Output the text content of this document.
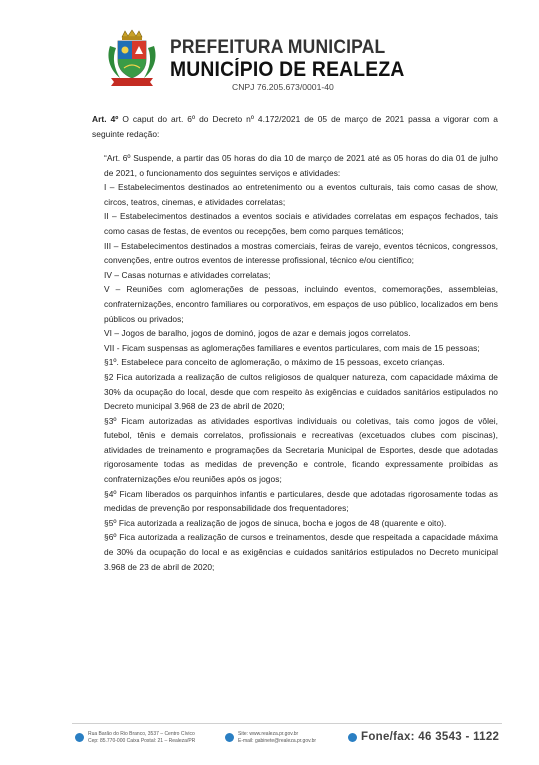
PREFEITURA MUNICIPAL
MUNICÍPIO DE REALEZA
CNPJ 76.205.673/0001-40
Art. 4º O caput do art. 6º do Decreto nº 4.172/2021 de 05 de março de 2021 passa a vigorar com a seguinte redação:

“Art. 6º Suspende, a partir das 05 horas do dia 10 de março de 2021 até as 05 horas do dia 01 de julho de 2021, o funcionamento dos seguintes serviços e atividades:

I – Estabelecimentos destinados ao entretenimento ou a eventos culturais, tais como casas de show, circos, teatros, cinemas, e atividades correlatas;

II – Estabelecimentos destinados a eventos sociais e atividades correlatas em espaços fechados, tais como casas de festas, de eventos ou recepções, bem como parques temáticos;

III – Estabelecimentos destinados a mostras comerciais, feiras de varejo, eventos técnicos, congressos, convenções, entre outros eventos de interesse profissional, técnico e/ou científico;

IV – Casas noturnas e atividades correlatas;

V – Reuniões com aglomerações de pessoas, incluindo eventos, comemorações, assembleias, confraternizações, encontro familiares ou corporativos, em espaços de uso público, localizados em bens públicos ou privados;

VI – Jogos de baralho, jogos de dominó, jogos de azar e demais jogos correlatos.

VII - Ficam suspensas as aglomerações familiares e eventos particulares, com mais de 15 pessoas;

§1º. Estabelece para conceito de aglomeração, o máximo de 15 pessoas, exceto crianças.

§2 Fica autorizada a realização de cultos religiosos de qualquer natureza, com capacidade máxima de 30% da ocupação do local, desde que com respeito às exigências e cuidados sanitários estipulados no Decreto municipal 3.968 de 23 de abril de 2020;

§3º Ficam autorizadas as atividades esportivas individuais ou coletivas, tais como jogos de vôlei, futebol, tênis e demais correlatos, profissionais e recreativas (excetuados clubes com piscinas), atividades de treinamento e programações da Secretaria Municipal de Esportes, desde que adotadas rigorosamente todas as medidas de prevenção e controle, ficando expressamente proibidas as confraternizações e/ou reuniões após os jogos;

§4º Ficam liberados os parquinhos infantis e particulares, desde que adotadas rigorosamente todas as medidas de prevenção por responsabilidade dos frequentadores;

§5º Fica autorizada a realização de jogos de sinuca, bocha e jogos de 48 (quarente e oito).

§6º Fica autorizada a realização de cursos e treinamentos, desde que respeitada a capacidade máxima de 30% da ocupação do local e as exigências e cuidados sanitários estipulados no Decreto municipal 3.968 de 23 de abril de 2020;

Rua Barão do Rio Branco, 3537 – Centro Cívico
Cep: 85.770-000 Caixa Postal: 21 – Realeza/PR
Site: www.realeza.pr.gov.br
E-mail: gabinete@realeza.pr.gov.br	Fone/fax: 46 3543 - 1122
